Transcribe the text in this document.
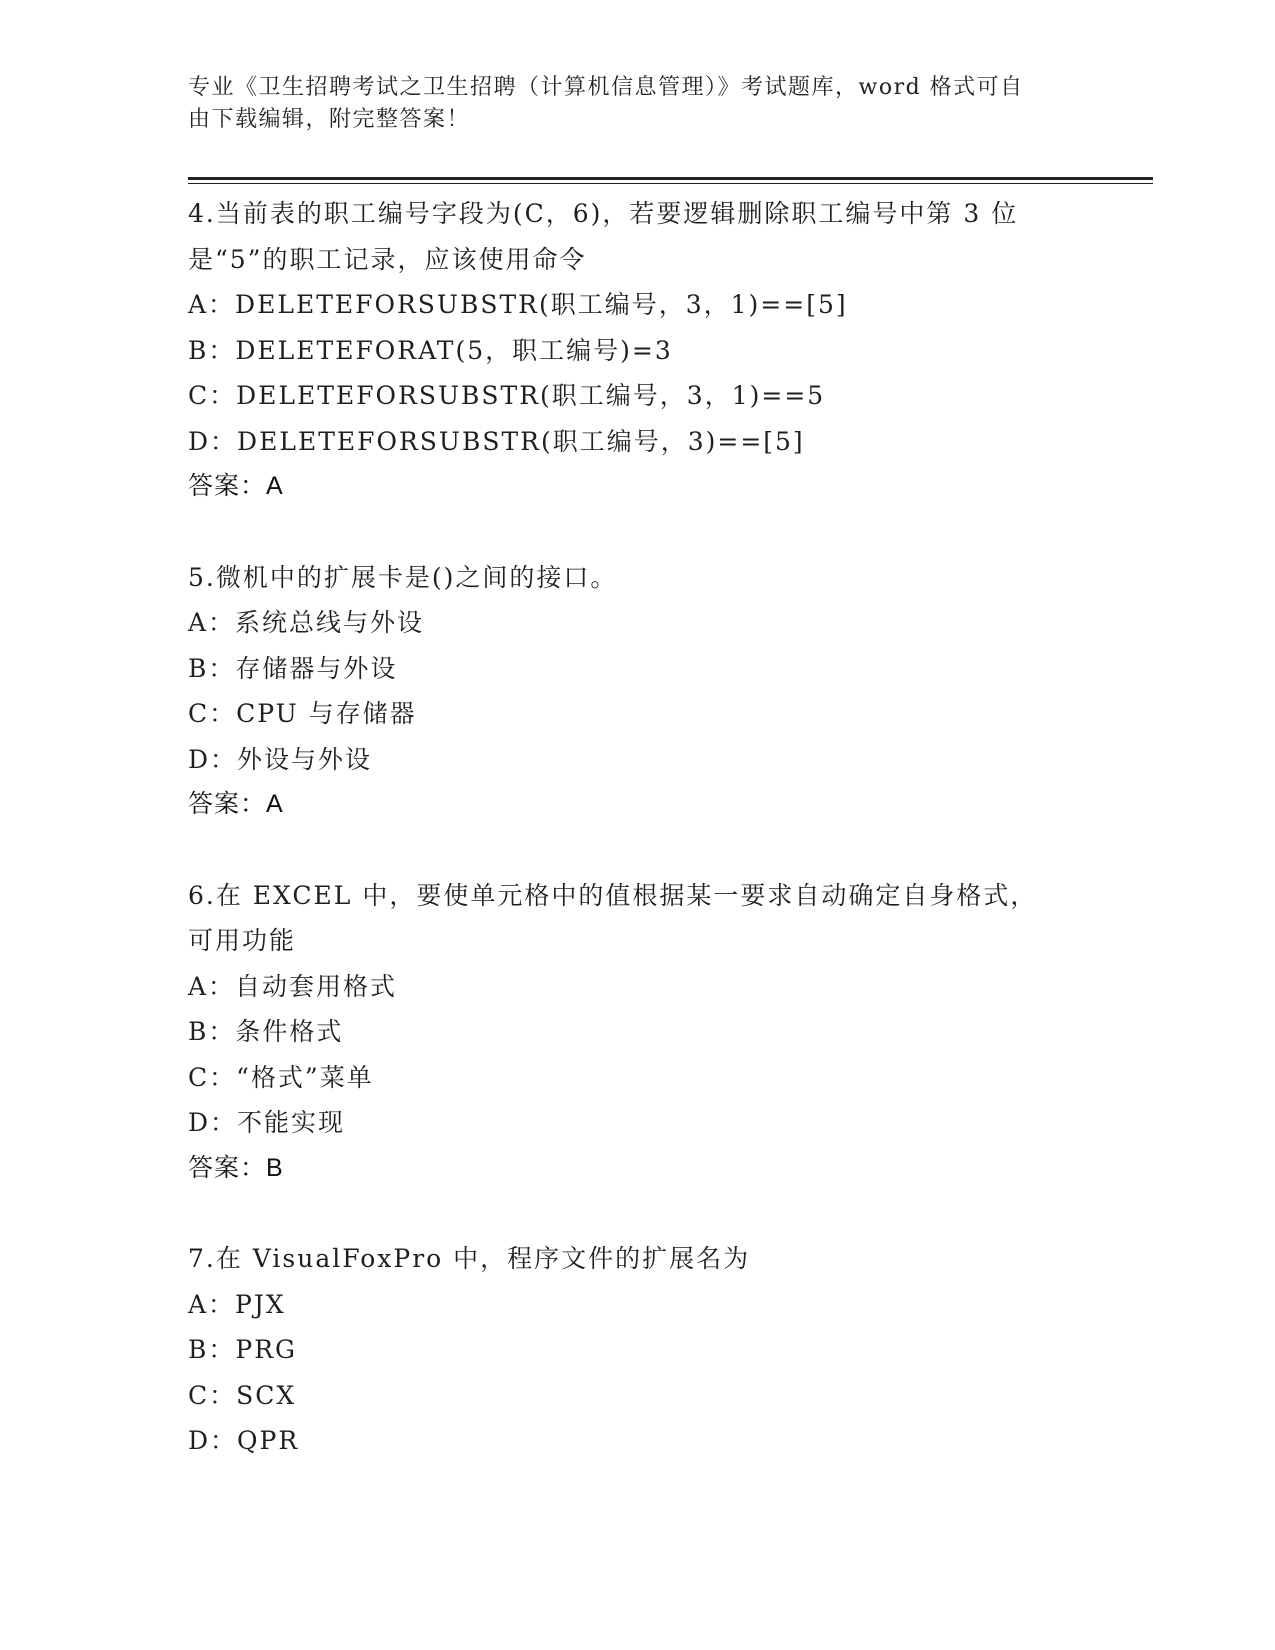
专业《卫生招聘考试之卫生招聘（计算机信息管理）》考试题库，word 格式可自
由下载编辑，附完整答案！
4.当前表的职工编号字段为(C，6)，若要逻辑删除职工编号中第 3 位
是“5”的职工记录，应该使用命令
A：DELETEFORSUBSTR(职工编号，3，1)==[5]
B：DELETEFORAT(5，职工编号)=3
C：DELETEFORSUBSTR(职工编号，3，1)==5
D：DELETEFORSUBSTR(职工编号，3)==[5]
答案：A
5.微机中的扩展卡是()之间的接口。
A：系统总线与外设
B：存储器与外设
C：CPU 与存储器
D：外设与外设
答案：A
6.在 EXCEL 中，要使单元格中的值根据某一要求自动确定自身格式，
可用功能
A：自动套用格式
B：条件格式
C：“格式”菜单
D：不能实现
答案：B
7.在 VisualFoxPro 中，程序文件的扩展名为
A：PJX
B：PRG
C：SCX
D：QPR
